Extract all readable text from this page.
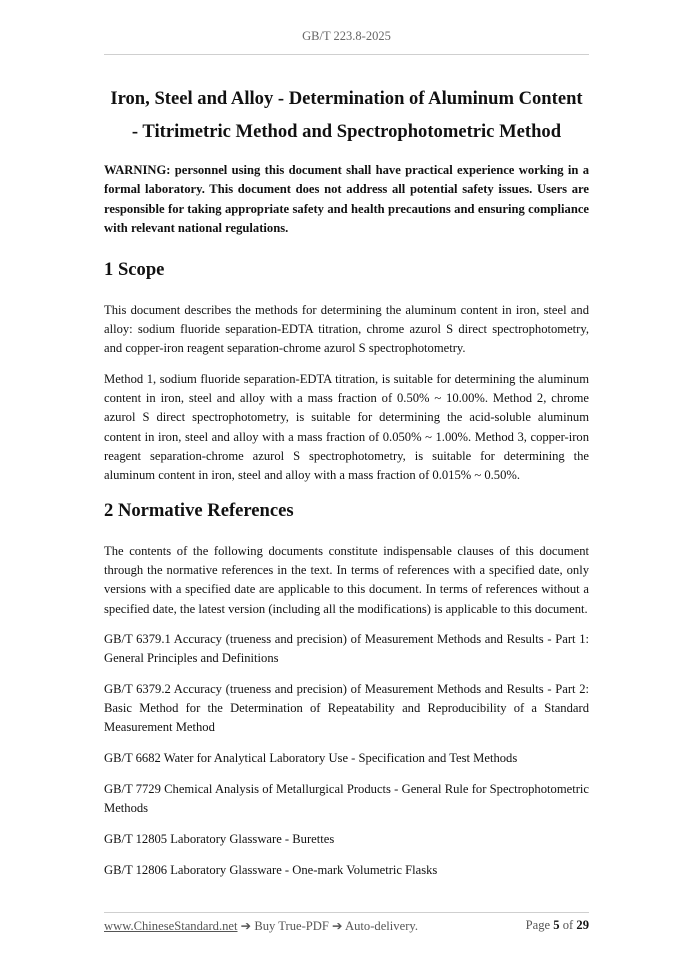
GB/T 223.8-2025
Iron, Steel and Alloy - Determination of Aluminum Content
- Titrimetric Method and Spectrophotometric Method

WARNING: personnel using this document shall have practical experience working in a formal laboratory. This document does not address all potential safety issues. Users are responsible for taking appropriate safety and health precautions and ensuring compliance with relevant national regulations.

1 Scope

This document describes the methods for determining the aluminum content in iron, steel and alloy: sodium fluoride separation-EDTA titration, chrome azurol S direct spectrophotometry, and copper-iron reagent separation-chrome azurol S spectrophotometry.

Method 1, sodium fluoride separation-EDTA titration, is suitable for determining the aluminum content in iron, steel and alloy with a mass fraction of 0.50% ~ 10.00%. Method 2, chrome azurol S direct spectrophotometry, is suitable for determining the acid-soluble aluminum content in iron, steel and alloy with a mass fraction of 0.050% ~ 1.00%. Method 3, copper-iron reagent separation-chrome azurol S spectrophotometry, is suitable for determining the aluminum content in iron, steel and alloy with a mass fraction of 0.015% ~ 0.50%.

2 Normative References

The contents of the following documents constitute indispensable clauses of this document through the normative references in the text. In terms of references with a specified date, only versions with a specified date are applicable to this document. In terms of references without a specified date, the latest version (including all the modifications) is applicable to this document.

GB/T 6379.1 Accuracy (trueness and precision) of Measurement Methods and Results - Part 1: General Principles and Definitions

GB/T 6379.2 Accuracy (trueness and precision) of Measurement Methods and Results - Part 2: Basic Method for the Determination of Repeatability and Reproducibility of a Standard Measurement Method

GB/T 6682 Water for Analytical Laboratory Use - Specification and Test Methods

GB/T 7729 Chemical Analysis of Metallurgical Products - General Rule for Spectrophotometric Methods

GB/T 12805 Laboratory Glassware - Burettes

GB/T 12806 Laboratory Glassware - One-mark Volumetric Flasks

www.ChineseStandard.net ➔ Buy True-PDF ➔ Auto-delivery.	Page 5 of 29
